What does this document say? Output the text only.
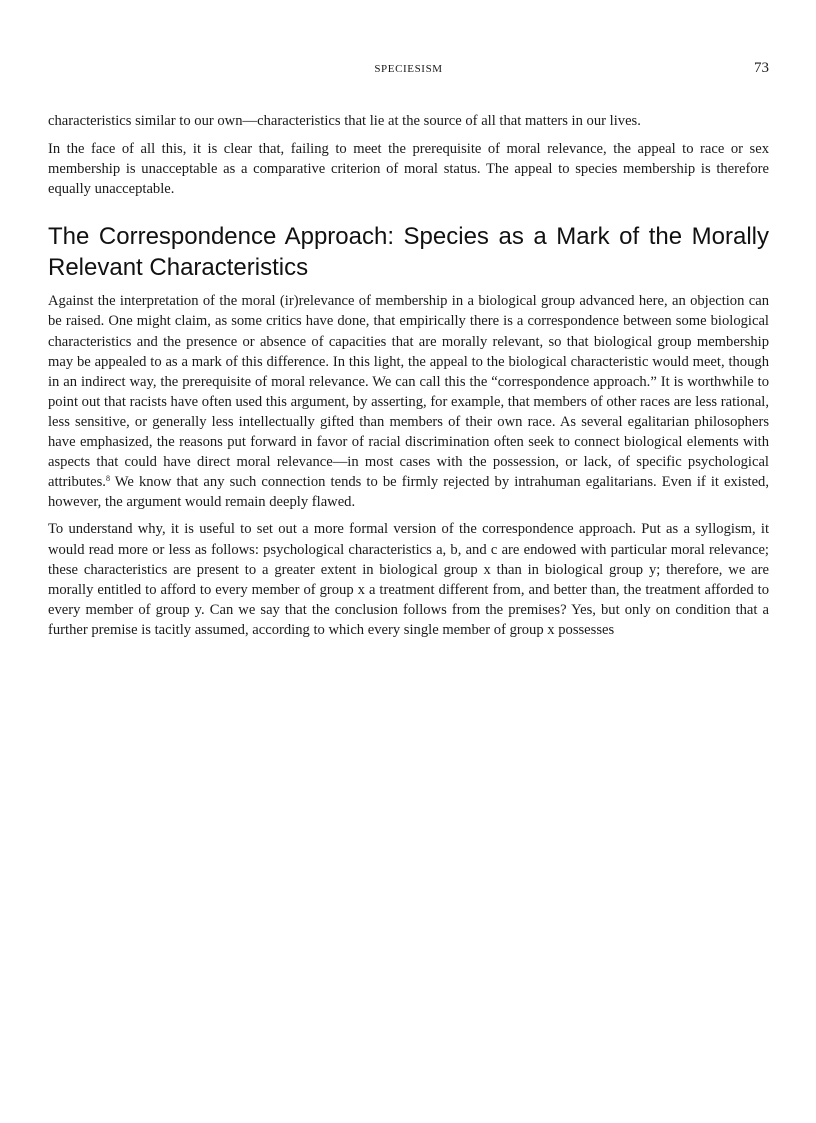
SPECIESISM	73

characteristics similar to our own—characteristics that lie at the source of all that matters in our lives.

In the face of all this, it is clear that, failing to meet the prerequisite of moral relevance, the appeal to race or sex membership is unacceptable as a comparative criterion of moral status. The appeal to species membership is therefore equally unacceptable.

The Correspondence Approach: Species as a Mark of the Morally Relevant Characteristics

Against the interpretation of the moral (ir)relevance of membership in a biological group advanced here, an objection can be raised. One might claim, as some critics have done, that empirically there is a correspondence between some biological characteristics and the presence or absence of capacities that are morally relevant, so that biological group membership may be appealed to as a mark of this difference. In this light, the appeal to the biological characteristic would meet, though in an indirect way, the prerequisite of moral relevance. We can call this the “correspondence approach.” It is worthwhile to point out that racists have often used this argument, by asserting, for example, that members of other races are less rational, less sensitive, or generally less intellectually gifted than members of their own race. As several egalitarian philosophers have emphasized, the reasons put forward in favor of racial discrimination often seek to connect biological elements with aspects that could have direct moral relevance—in most cases with the possession, or lack, of specific psychological attributes.$^8$ We know that any such connection tends to be firmly rejected by intrahuman egalitarians. Even if it existed, however, the argument would remain deeply flawed.

To understand why, it is useful to set out a more formal version of the correspondence approach. Put as a syllogism, it would read more or less as follows: psychological characteristics a, b, and c are endowed with particular moral relevance; these characteristics are present to a greater extent in biological group x than in biological group y; therefore, we are morally entitled to afford to every member of group x a treatment different from, and better than, the treatment afforded to every member of group y. Can we say that the conclusion follows from the premises? Yes, but only on condition that a further premise is tacitly assumed, according to which every single member of group x possesses
